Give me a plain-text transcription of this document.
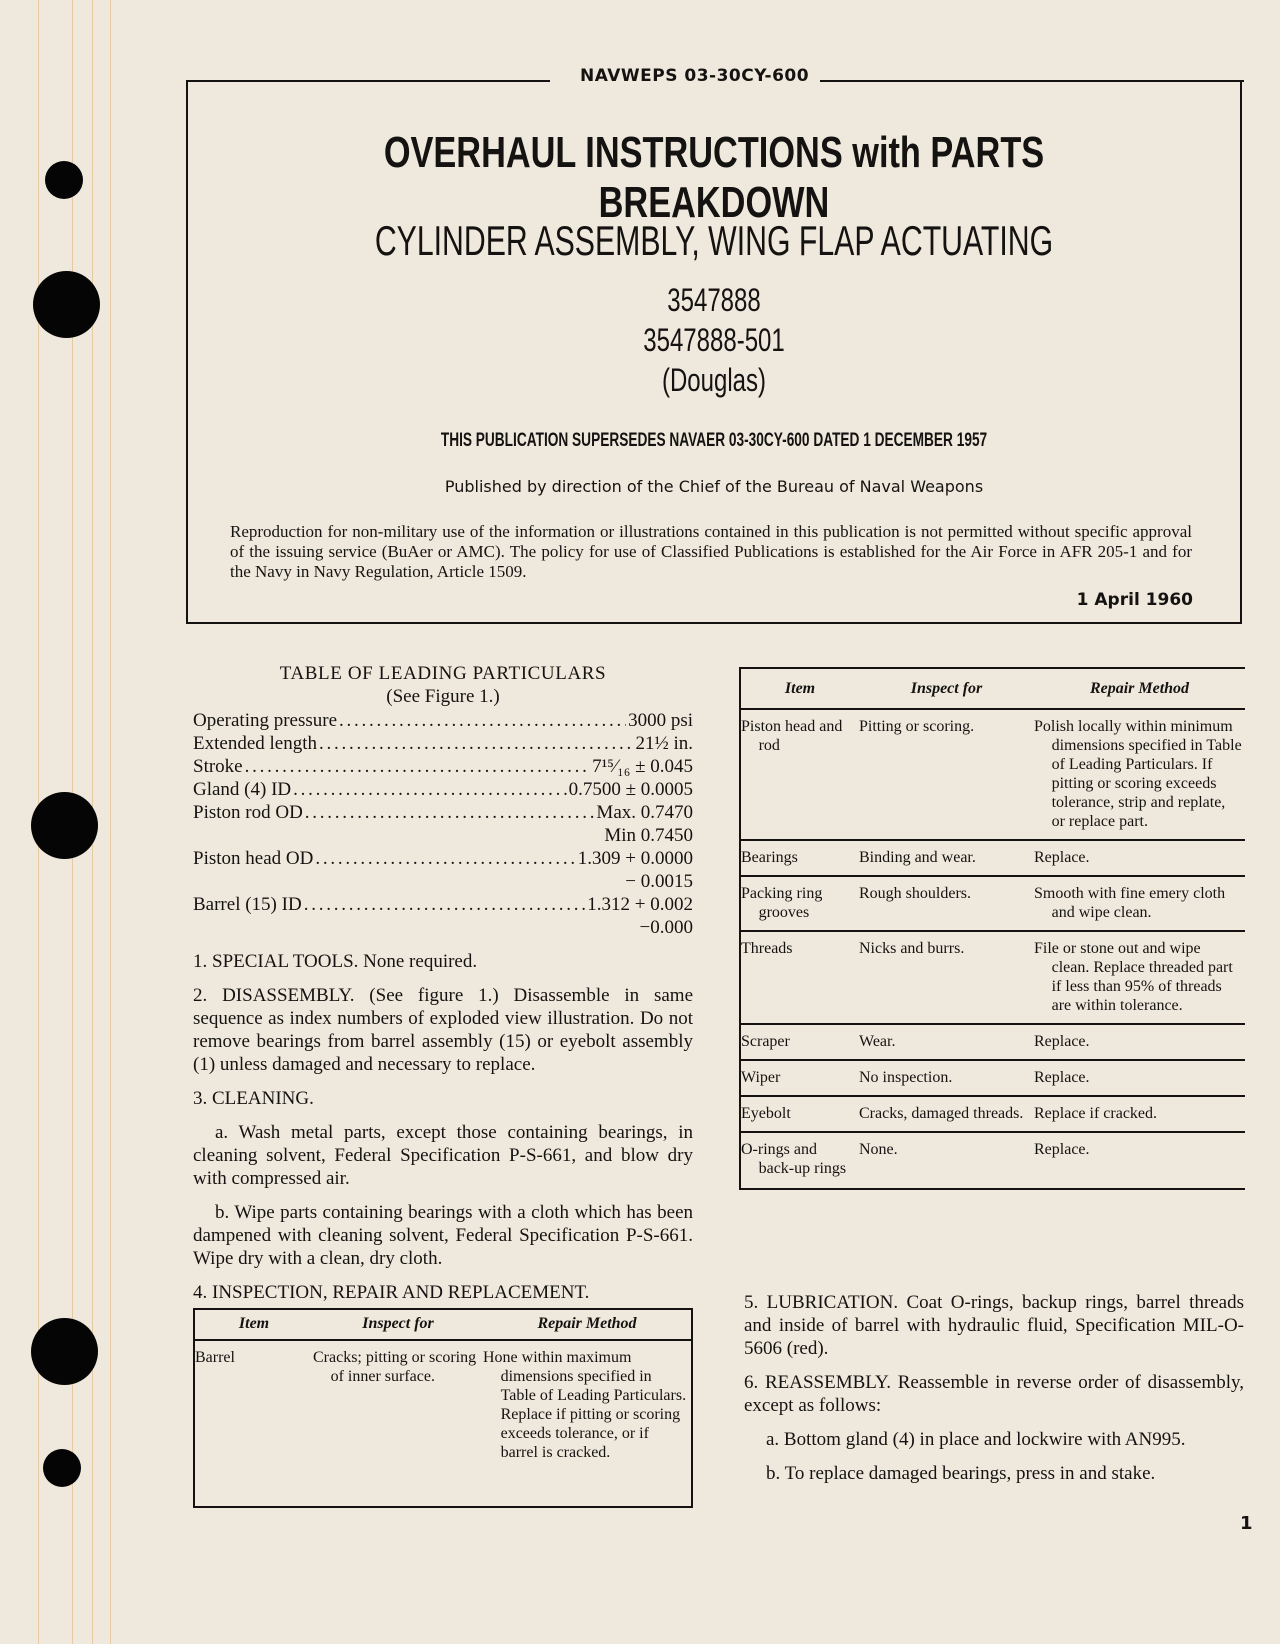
NAVWEPS 03-30CY-600
OVERHAUL INSTRUCTIONS with PARTS BREAKDOWN
CYLINDER ASSEMBLY, WING FLAP ACTUATING
3547888
3547888-501
(Douglas)
THIS PUBLICATION SUPERSEDES NAVAER 03-30CY-600 DATED 1 DECEMBER 1957
Published by direction of the Chief of the Bureau of Naval Weapons
Reproduction for non-military use of the information or illustrations contained in this publication is not permitted without specific approval of the issuing service (BuAer or AMC). The policy for use of Classified Publications is established for the Air Force in AFR 205-1 and for the Navy in Navy Regulation, Article 1509.
1 April 1960
TABLE OF LEADING PARTICULARS
(See Figure 1.)
Operating pressure . . .	3000 psi
Extended length . . .	21½ in.
Stroke . . .	7¹⁵⁄₁₆ ± 0.045
Gland (4) ID . . .	0.7500 ± 0.0005
Piston rod OD . . .	Max. 0.7470
Min 0.7450
Piston head OD . . .	1.309 + 0.0000
− 0.0015
Barrel (15) ID . . .	1.312 + 0.002
−0.000

1. SPECIAL TOOLS. None required.

2. DISASSEMBLY. (See figure 1.) Disassemble in same sequence as index numbers of exploded view illustration. Do not remove bearings from barrel assembly (15) or eyebolt assembly (1) unless damaged and necessary to replace.

3. CLEANING.

a. Wash metal parts, except those containing bearings, in cleaning solvent, Federal Specification P-S-661, and blow dry with compressed air.

b. Wipe parts containing bearings with a cloth which has been dampened with cleaning solvent, Federal Specification P-S-661. Wipe dry with a clean, dry cloth.

4. INSPECTION, REPAIR AND REPLACEMENT.

Item	Inspect for	Repair Method
Barrel	Cracks; pitting or scoring of inner surface.	Hone within maximum dimensions specified in Table of Leading Particulars. Replace if pitting or scoring exceeds tolerance, or if barrel is cracked.
Item	Inspect for	Repair Method
Piston head and rod	Pitting or scoring.	Polish locally within minimum dimensions specified in Table of Leading Particulars. If pitting or scoring exceeds tolerance, strip and replate, or replace part.
Bearings	Binding and wear.	Replace.
Packing ring grooves	Rough shoulders.	Smooth with fine emery cloth and wipe clean.
Threads	Nicks and burrs.	File or stone out and wipe clean. Replace threaded part if less than 95% of threads are within tolerance.
Scraper	Wear.	Replace.
Wiper	No inspection.	Replace.
Eyebolt	Cracks, damaged threads.	Replace if cracked.
O-rings and back-up rings	None.	Replace.

5. LUBRICATION. Coat O-rings, backup rings, barrel threads and inside of barrel with hydraulic fluid, Specification MIL-O-5606 (red).

6. REASSEMBLY. Reassemble in reverse order of disassembly, except as follows:

a. Bottom gland (4) in place and lockwire with AN995.

b. To replace damaged bearings, press in and stake.

1
